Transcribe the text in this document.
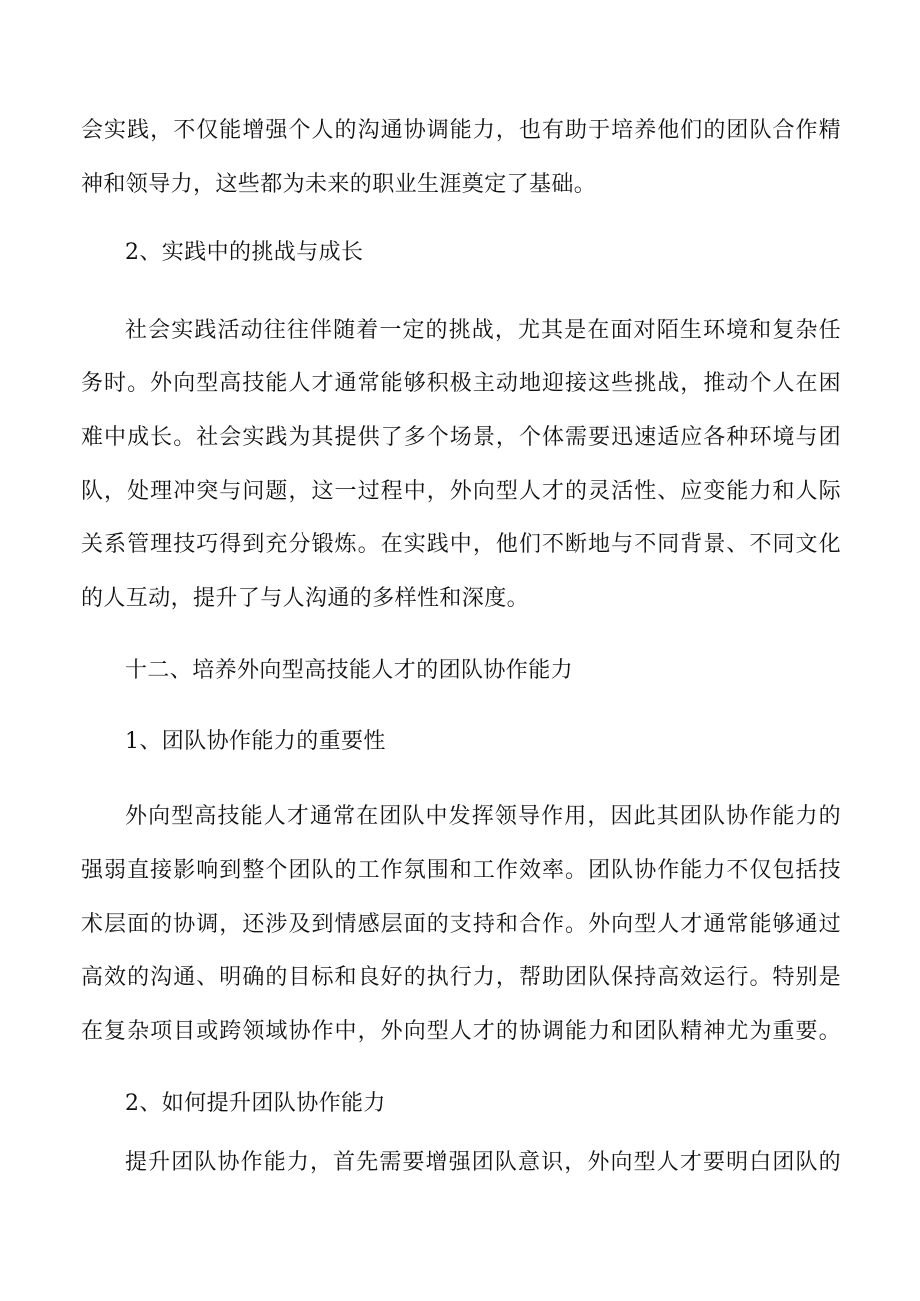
会实践，不仅能增强个人的沟通协调能力，也有助于培养他们的团队合作精
神和领导力，这些都为未来的职业生涯奠定了基础。
2、实践中的挑战与成长
社会实践活动往往伴随着一定的挑战，尤其是在面对陌生环境和复杂任
务时。外向型高技能人才通常能够积极主动地迎接这些挑战，推动个人在困
难中成长。社会实践为其提供了多个场景，个体需要迅速适应各种环境与团
队，处理冲突与问题，这一过程中，外向型人才的灵活性、应变能力和人际
关系管理技巧得到充分锻炼。在实践中，他们不断地与不同背景、不同文化
的人互动，提升了与人沟通的多样性和深度。
十二、培养外向型高技能人才的团队协作能力
1、团队协作能力的重要性
外向型高技能人才通常在团队中发挥领导作用，因此其团队协作能力的
强弱直接影响到整个团队的工作氛围和工作效率。团队协作能力不仅包括技
术层面的协调，还涉及到情感层面的支持和合作。外向型人才通常能够通过
高效的沟通、明确的目标和良好的执行力，帮助团队保持高效运行。特别是
在复杂项目或跨领域协作中，外向型人才的协调能力和团队精神尤为重要。
2、如何提升团队协作能力
提升团队协作能力，首先需要增强团队意识，外向型人才要明白团队的
